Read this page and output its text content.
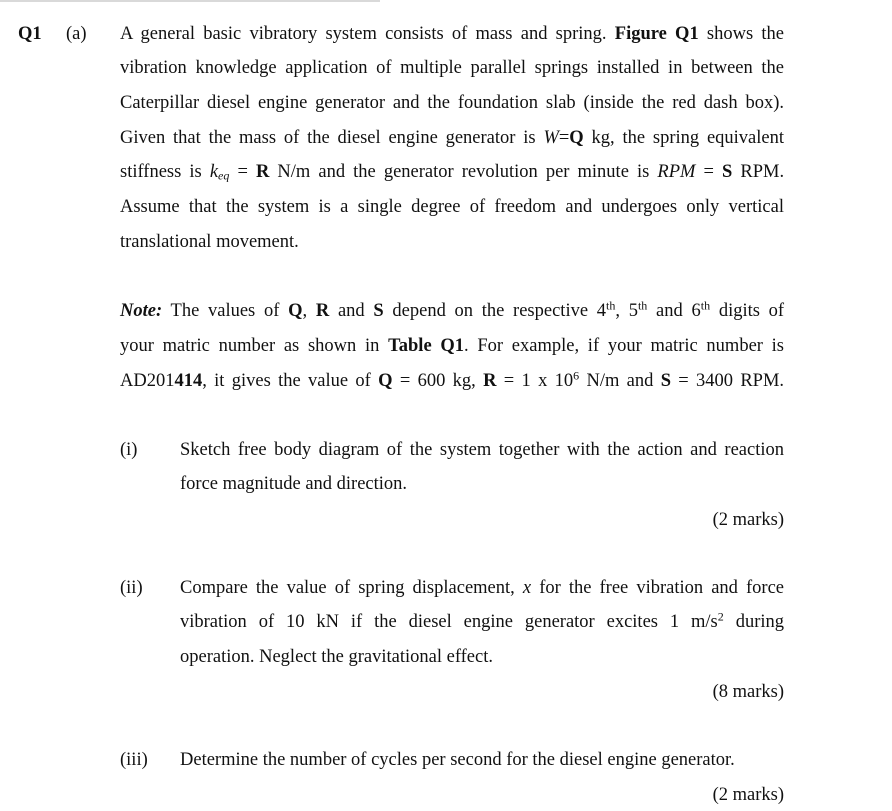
Q1 (a) A general basic vibratory system consists of mass and spring. Figure Q1 shows the
vibration knowledge application of multiple parallel springs installed in between the
Caterpillar diesel engine generator and the foundation slab (inside the red dash box).
Given that the mass of the diesel engine generator is W=Q kg, the spring equivalent
stiffness is $k_{eq} = R$ N/m and the generator revolution per minute is RPM = S RPM.
Assume that the system is a single degree of freedom and undergoes only vertical
translational movement.
Note: The values of Q, R and S depend on the respective 4th, 5th and 6th digits of
your matric number as shown in Table Q1. For example, if your matric number is
AD201414, it gives the value of Q = 600 kg, R = 1 x $10^6$ N/m and S = 3400 RPM.
(i) Sketch free body diagram of the system together with the action and reaction
force magnitude and direction.
(2 marks)
(ii) Compare the value of spring displacement, x for the free vibration and force
vibration of 10 kN if the diesel engine generator excites 1 $m/s^2$ during
operation. Neglect the gravitational effect.
(8 marks)
(iii) Determine the number of cycles per second for the diesel engine generator.
(2 marks)
